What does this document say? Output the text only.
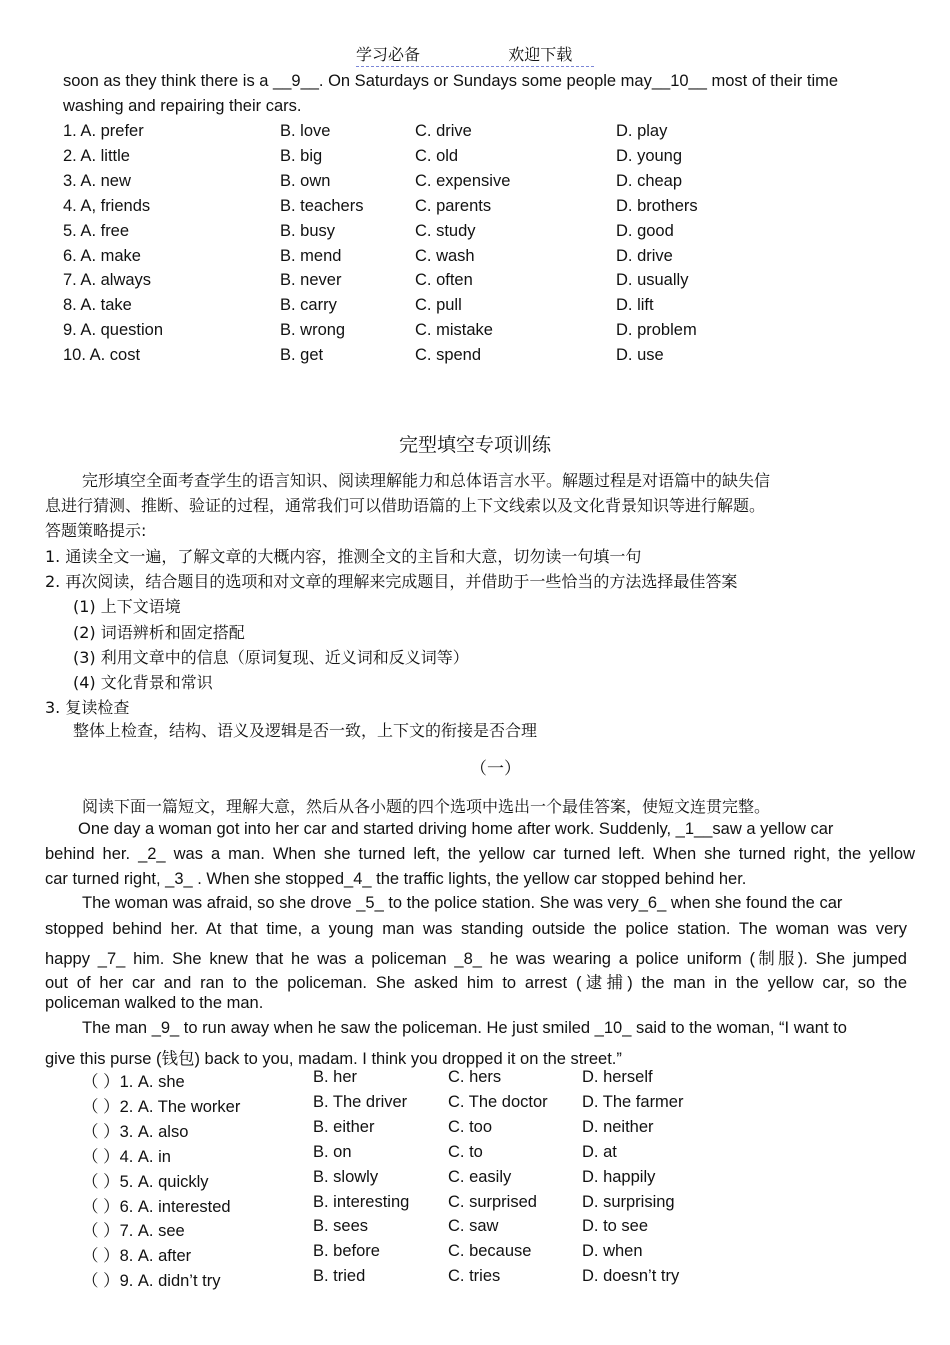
学习必备	欢迎下载
soon as they think there is a __9__. On Saturdays or Sundays some people may__10__ most of their time
washing and repairing their cars.
1. A. prefer	B. love	C. drive	D. play
2. A. little	B. big	C. old	D. young
3. A. new	B. own	C. expensive	D. cheap
4. A, friends	B. teachers	C. parents	D. brothers
5. A. free	B. busy	C. study	D. good
6. A. make	B. mend	C. wash	D. drive
7. A. always	B. never	C. often	D. usually
8. A. take	B. carry	C. pull	D. lift
9. A. question	B. wrong	C. mistake	D. problem
10. A. cost	B. get	C. spend	D. use
完型填空专项训练
完形填空全面考查学生的语言知识、阅读理解能力和总体语言水平。解题过程是对语篇中的缺失信
息进行猜测、推断、验证的过程，通常我们可以借助语篇的上下文线索以及文化背景知识等进行解题。
答题策略提示:
1. 通读全文一遍，了解文章的大概内容，推测全文的主旨和大意，切勿读一句填一句
2. 再次阅读，结合题目的选项和对文章的理解来完成题目，并借助于一些恰当的方法选择最佳答案
(1) 上下文语境
(2) 词语辨析和固定搭配
(3) 利用文章中的信息（原词复现、近义词和反义词等）
(4) 文化背景和常识
3. 复读检查
整体上检查，结构、语义及逻辑是否一致，上下文的衔接是否合理
（一）
阅读下面一篇短文，理解大意，然后从各小题的四个选项中选出一个最佳答案，使短文连贯完整。
One day a woman got into her car and started driving home after work. Suddenly, _1__saw a yellow car
behind her. _2_ was a man. When she turned left, the yellow car turned left. When she turned right, the yellow
car turned right, _3_ . When she stopped_4_ the traffic lights, the yellow car stopped behind her.
The woman was afraid, so she drove _5_ to the police station. She was very_6_ when she found the car
stopped behind her. At that time, a young man was standing outside the police station. The woman was very
happy _7_ him. She knew that he was a policeman _8_ he was wearing a police uniform (制服). She jumped
out of her car and ran to the policeman. She asked him to arrest (逮捕) the man in the yellow car, so the
policeman walked to the man.
The man _9_ to run away when he saw the policeman. He just smiled _10_ said to the woman, “I want to
give this purse (钱包) back to you, madam. I think you dropped it on the street.”
（ ）1. A. she	B. her	C. hers	D. herself
（ ）2. A. The worker	B. The driver C. The doctor D. The farmer
（ ）3. A. also	B. either	C. too	D. neither
（ ）4. A. in	B. on	C. to	D. at
（ ）5. A. quickly	B. slowly	C. easily	D. happily
（ ）6. A. interested	B. interesting C. surprised	D. surprising
（ ）7. A. see	B. sees	C. saw	D. to see
（ ）8. A. after	B. before	C. because	D. when
（ ）9. A. didn’t try	B. tried	C. tries	D. doesn’t try
